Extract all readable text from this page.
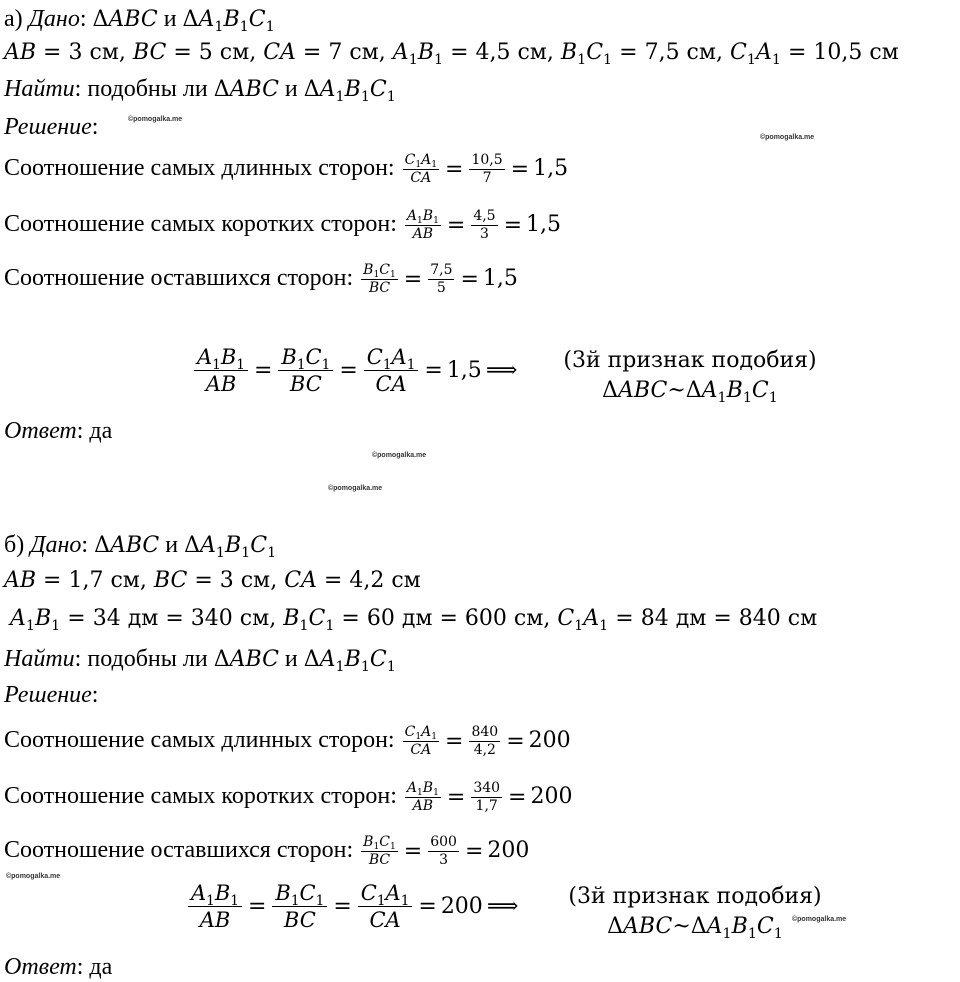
а) Дано: ΔABC и $\Delta A_1B_1C_1$
AB = 3 см, BC = 5 см, CA = 7 см, $A_1B_1 = 4,5$ см, $B_1C_1 = 7,5$ см, $C_1A_1 = 10,5$ см
Найти: подобны ли ΔABC и $\Delta A_1B_1C_1$
Решение:	©pomogalka.me
©pomogalka.me
Соотношение самых длинных сторон: $\frac{C_1A_1}{CA} = \frac{10,5}{7} = 1,5$
Соотношение самых коротких сторон: $\frac{A_1B_1}{AB} = \frac{4,5}{3} = 1,5$
Соотношение оставшихся сторон: $\frac{B_1C_1}{BC} = \frac{7,5}{5} = 1,5$
$\frac{A_1B_1}{AB} = \frac{B_1C_1}{BC} = \frac{C_1A_1}{CA} = 1,5$ ⟹	(3й признак подобия)
$\Delta ABC\sim\Delta A_1B_1C_1$
Ответ: да
©pomogalka.me
©pomogalka.me
б) Дано: ΔABC и $\Delta A_1B_1C_1$
AB = 1,7 см, BC = 3 см, CA = 4,2 см
$A_1B_1 = 34$ дм = 340 см, $B_1C_1 = 60$ дм = 600 см, $C_1A_1 = 84$ дм = 840 см
Найти: подобны ли ΔABC и $\Delta A_1B_1C_1$
Решение:
Соотношение самых длинных сторон: $\frac{C_1A_1}{CA} = \frac{840}{4,2} = 200$
Соотношение самых коротких сторон: $\frac{A_1B_1}{AB} = \frac{340}{1,7} = 200$
Соотношение оставшихся сторон: $\frac{B_1C_1}{BC} = \frac{600}{3} = 200$
©pomogalka.me
$\frac{A_1B_1}{AB} = \frac{B_1C_1}{BC} = \frac{C_1A_1}{CA} = 200$ ⟹	(3й признак подобия)
$\Delta ABC\sim\Delta A_1B_1C_1$
©pomogalka.me
Ответ: да
